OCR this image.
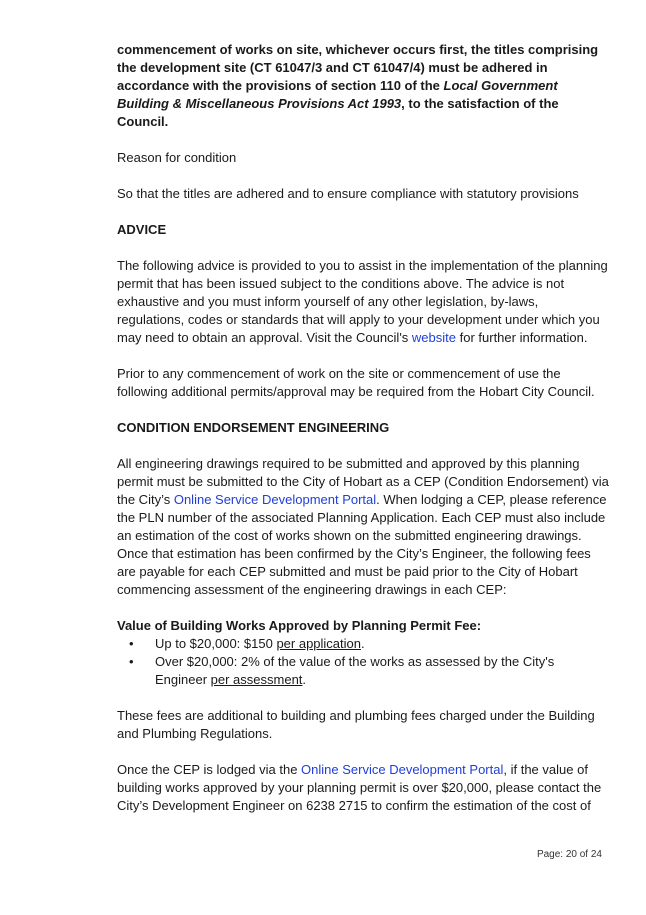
commencement of works on site, whichever occurs first, the titles comprising the development site (CT 61047/3 and CT 61047/4) must be adhered in accordance with the provisions of section 110 of the Local Government Building & Miscellaneous Provisions Act 1993, to the satisfaction of the Council.

Reason for condition

So that the titles are adhered and to ensure compliance with statutory provisions

ADVICE

The following advice is provided to you to assist in the implementation of the planning permit that has been issued subject to the conditions above. The advice is not exhaustive and you must inform yourself of any other legislation, by-laws, regulations, codes or standards that will apply to your development under which you may need to obtain an approval. Visit the Council's website for further information.

Prior to any commencement of work on the site or commencement of use the following additional permits/approval may be required from the Hobart City Council.

CONDITION ENDORSEMENT ENGINEERING

All engineering drawings required to be submitted and approved by this planning permit must be submitted to the City of Hobart as a CEP (Condition Endorsement) via the City’s Online Service Development Portal. When lodging a CEP, please reference the PLN number of the associated Planning Application. Each CEP must also include an estimation of the cost of works shown on the submitted engineering drawings. Once that estimation has been confirmed by the City’s Engineer, the following fees are payable for each CEP submitted and must be paid prior to the City of Hobart commencing assessment of the engineering drawings in each CEP:

Value of Building Works Approved by Planning Permit Fee:

• Up to $20,000: $150 per application.
• Over $20,000: 2% of the value of the works as assessed by the City's Engineer per assessment.

These fees are additional to building and plumbing fees charged under the Building and Plumbing Regulations.

Once the CEP is lodged via the Online Service Development Portal, if the value of building works approved by your planning permit is over $20,000, please contact the City’s Development Engineer on 6238 2715 to confirm the estimation of the cost of

Page: 20 of 24
